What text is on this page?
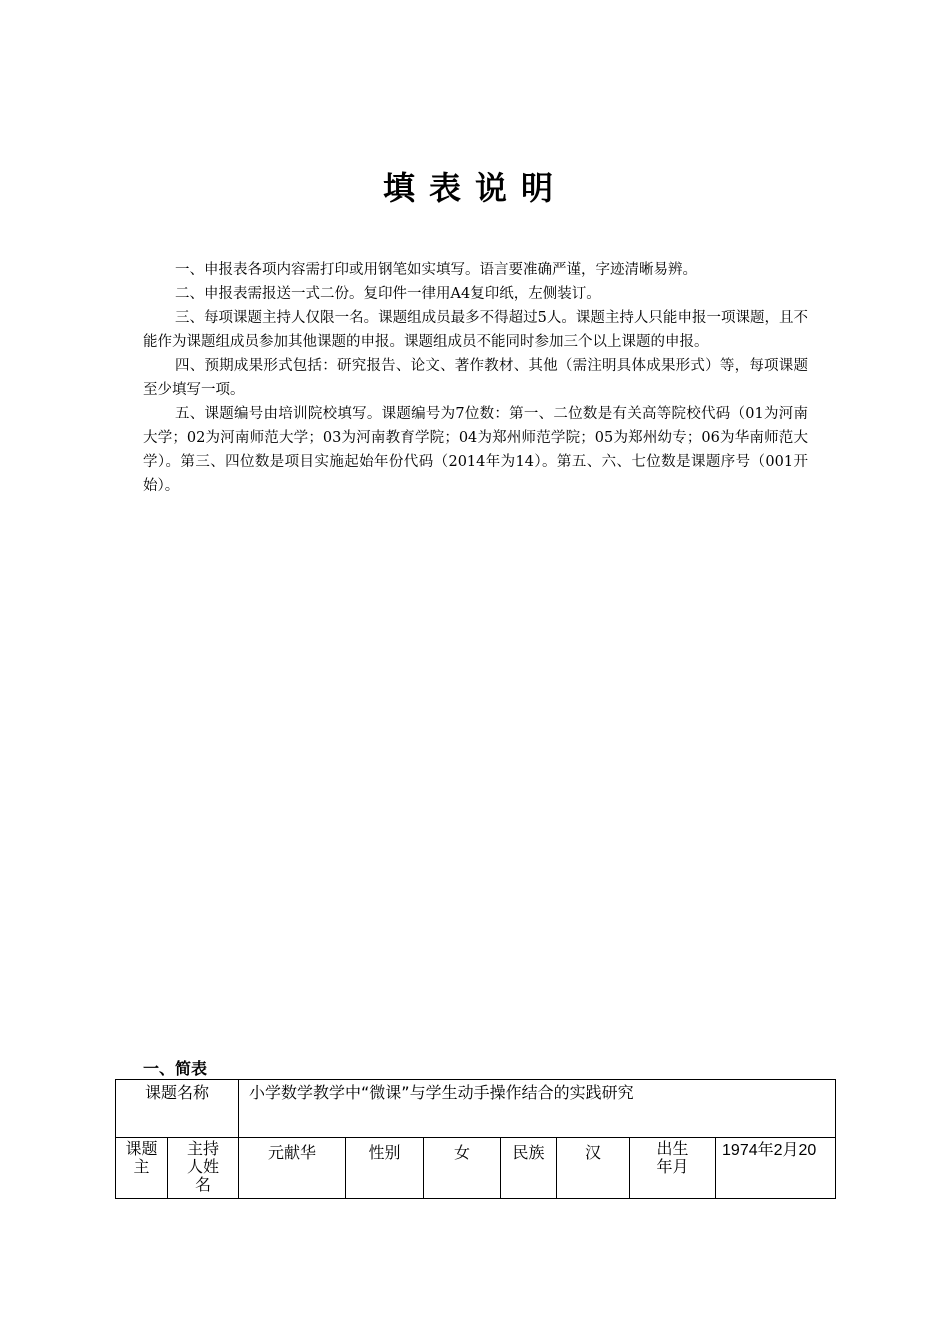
填表说明

一、申报表各项内容需打印或用钢笔如实填写。语言要准确严谨，字迹清晰易辨。

二、申报表需报送一式二份。复印件一律用A4复印纸，左侧装订。

三、每项课题主持人仅限一名。课题组成员最多不得超过5人。课题主持人只能申报一项课题，且不能作为课题组成员参加其他课题的申报。课题组成员不能同时参加三个以上课题的申报。

四、预期成果形式包括：研究报告、论文、著作教材、其他（需注明具体成果形式）等，每项课题至少填写一项。

五、课题编号由培训院校填写。课题编号为7位数：第一、二位数是有关高等院校代码（01为河南大学；02为河南师范大学；03为河南教育学院；04为郑州师范学院；05为郑州幼专；06为华南师范大学）。第三、四位数是项目实施起始年份代码（2014年为14）。第五、六、七位数是课题序号（001开始）。

一、简表
课题名称		小学数学教学中“微课”与学生动手操作结合的实践研究						
课题主	主持人姓名	元献华	性别	女	民族	汉	出生年月	1974年2月20
